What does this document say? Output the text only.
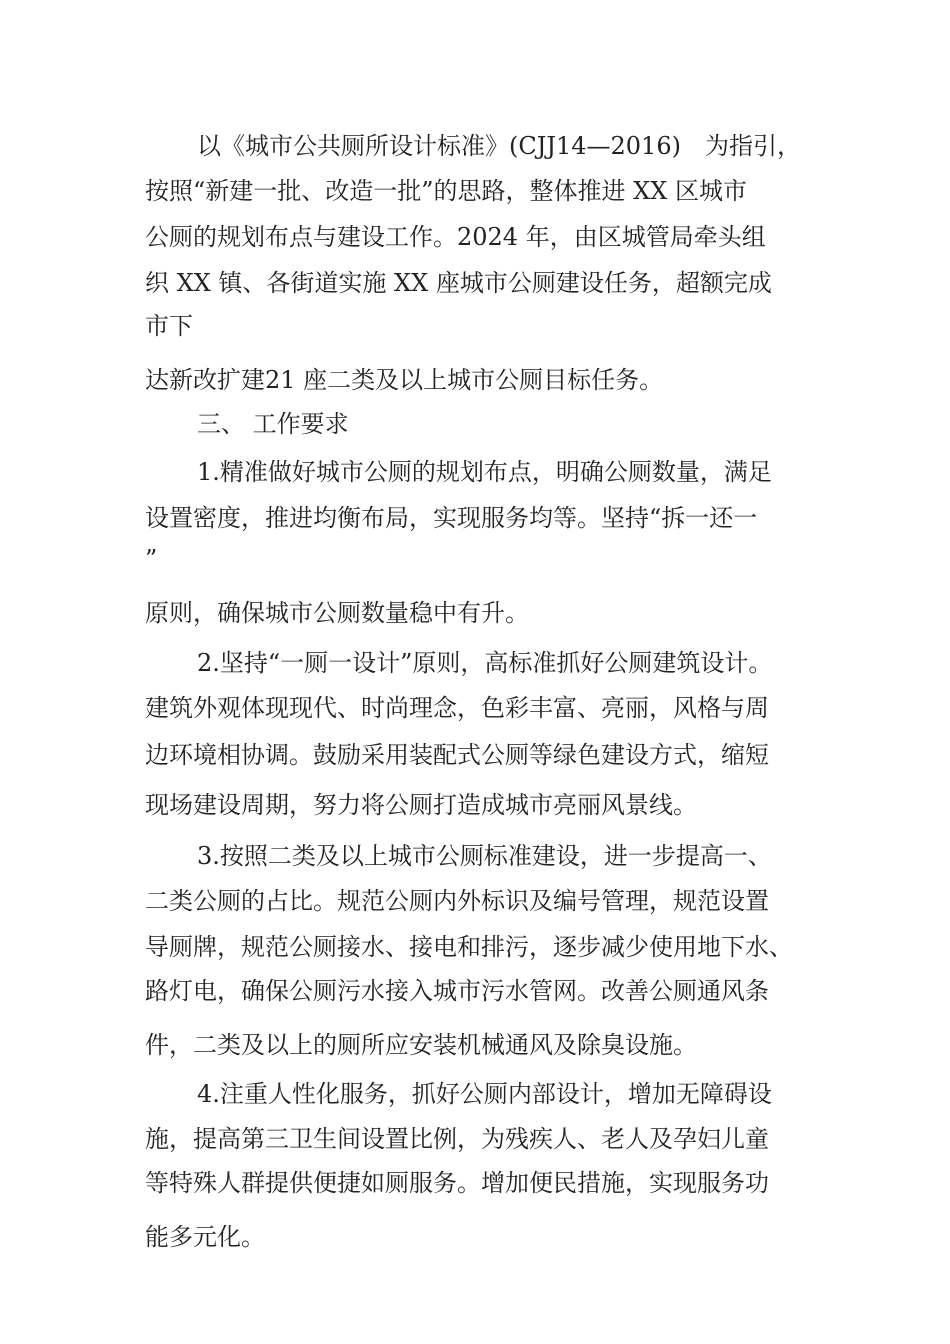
以《城市公共厕所设计标准》(CJJ14—2016)　为指引，

按照“新建一批、改造一批”的思路，整体推进 XX 区城市

公厕的规划布点与建设工作。2024 年，由区城管局牵头组

织 XX 镇、各街道实施 XX 座城市公厕建设任务，超额完成

市下

达新改扩建21 座二类及以上城市公厕目标任务。

三、 工作要求

1.精准做好城市公厕的规划布点，明确公厕数量，满足

设置密度，推进均衡布局，实现服务均等。坚持“拆一还一

”

原则，确保城市公厕数量稳中有升。

2.坚持“一厕一设计”原则，高标准抓好公厕建筑设计。

建筑外观体现现代、时尚理念，色彩丰富、亮丽，风格与周

边环境相协调。鼓励采用装配式公厕等绿色建设方式，缩短

现场建设周期，努力将公厕打造成城市亮丽风景线。

3.按照二类及以上城市公厕标准建设，进一步提高一、

二类公厕的占比。规范公厕内外标识及编号管理，规范设置

导厕牌，规范公厕接水、接电和排污，逐步减少使用地下水、

路灯电，确保公厕污水接入城市污水管网。改善公厕通风条

件，二类及以上的厕所应安装机械通风及除臭设施。

4.注重人性化服务，抓好公厕内部设计，增加无障碍设

施，提高第三卫生间设置比例，为残疾人、老人及孕妇儿童

等特殊人群提供便捷如厕服务。增加便民措施，实现服务功

能多元化。
